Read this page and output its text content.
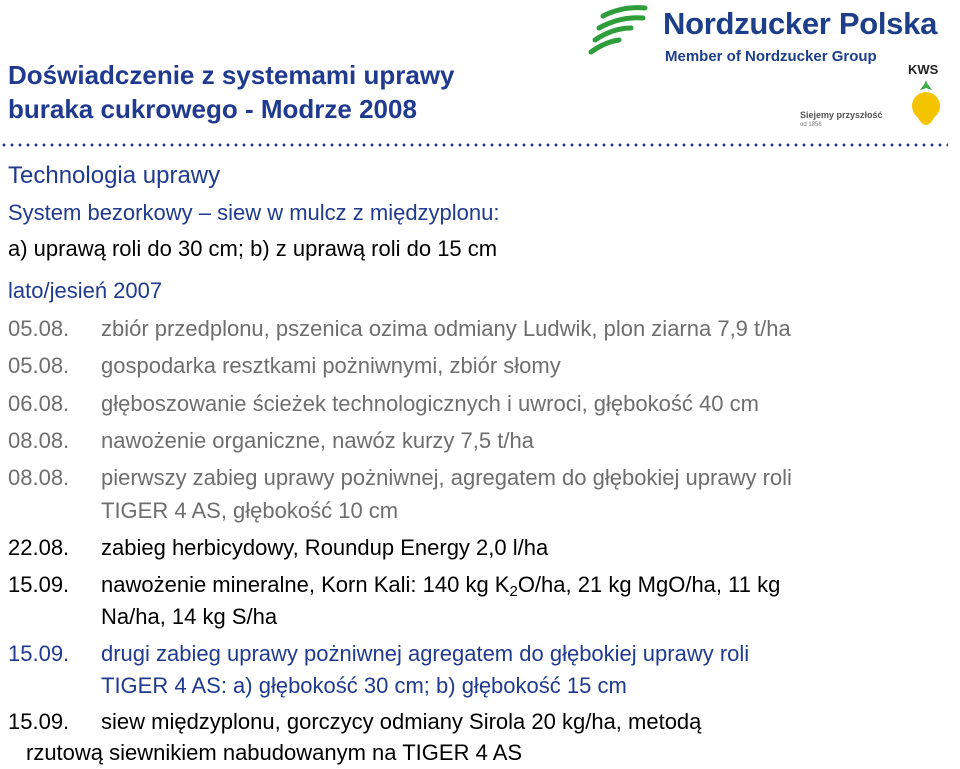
Doświadczenie z systemami uprawy
buraka cukrowego - Modrze 2008
Nordzucker Polska
Member of Nordzucker Group
KWS
Siejemy przyszłość
od 1856
Technologia uprawy
System bezorkowy – siew w mulcz z międzyplonu:
a) uprawą roli do 30 cm; b) z uprawą roli do 15 cm
lato/jesień 2007
05.08. zbiór przedplonu, pszenica ozima odmiany Ludwik, plon ziarna 7,9 t/ha
05.08. gospodarka resztkami pożniwnymi, zbiór słomy
06.08. głęboszowanie ścieżek technologicznych i uwroci, głębokość 40 cm
08.08. nawożenie organiczne, nawóz kurzy 7,5 t/ha
08.08. pierwszy zabieg uprawy pożniwnej, agregatem do głębokiej uprawy roli
TIGER 4 AS, głębokość 10 cm
22.08. zabieg herbicydowy, Roundup Energy 2,0 l/ha
15.09. nawożenie mineralne, Korn Kali: 140 kg $K_2O/ha$, 21 kg MgO/ha, 11 kg
Na/ha, 14 kg S/ha
15.09. drugi zabieg uprawy pożniwnej agregatem do głębokiej uprawy roli
TIGER 4 AS: a) głębokość 30 cm; b) głębokość 15 cm
15.09. siew międzyplonu, gorczycy odmiany Sirola 20 kg/ha, metodą
rzutową siewnikiem nabudowanym na TIGER 4 AS
